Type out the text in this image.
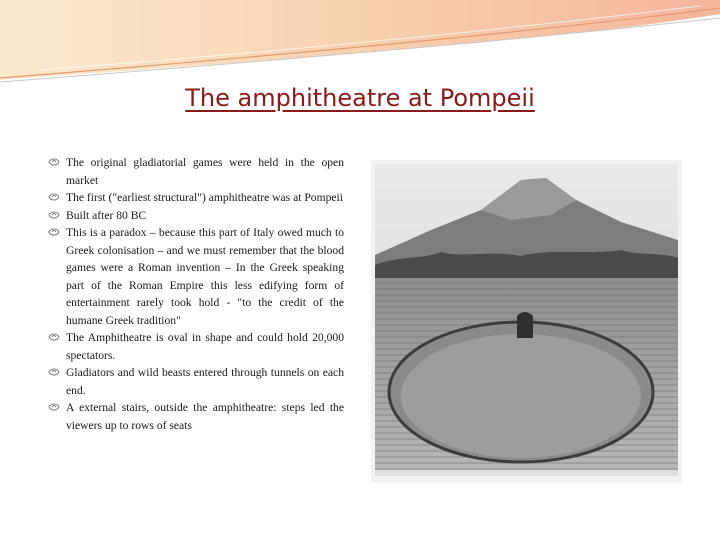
The amphitheatre at Pompeii
The original gladiatorial games were held in the open market
The first ("earliest structural") amphitheatre was at Pompeii
Built after 80 BC
This is a paradox – because this part of Italy owed much to Greek colonisation – and we must remember that the blood games were a Roman invention – In the Greek speaking part of the Roman Empire this less edifying form of entertainment rarely took hold - "to the credit of the humane Greek tradition"
The Amphitheatre is oval in shape and could hold 20,000 spectators.
Gladiators and wild beasts entered through tunnels on each end.
A external stairs, outside the amphitheatre: steps led the viewers up to rows of seats
